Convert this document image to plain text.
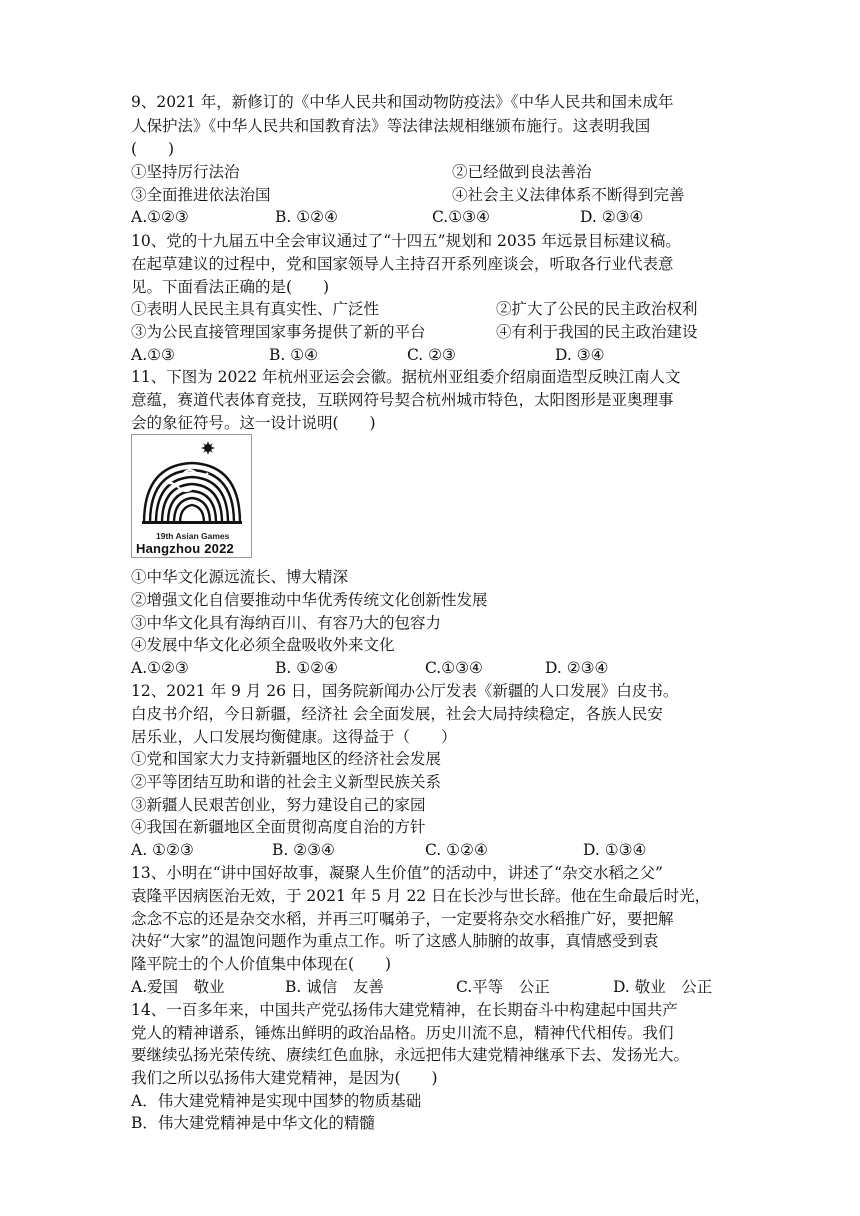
9、2021 年，新修订的《中华人民共和国动物防疫法》《中华人民共和国未成年
人保护法》《中华人民共和国教育法》等法律法规相继颁布施行。这表明我国
(　　)
①坚持厉行法治	②已经做到良法善治
③全面推进依法治国	④社会主义法律体系不断得到完善
A.①②③	B. ①②④	C.①③④	D. ②③④
10、党的十九届五中全会审议通过了“十四五”规划和 2035 年远景目标建议稿。
在起草建议的过程中，党和国家领导人主持召开系列座谈会，听取各行业代表意
见。下面看法正确的是(　　)
①表明人民民主具有真实性、广泛性	②扩大了公民的民主政治权利
③为公民直接管理国家事务提供了新的平台	④有利于我国的民主政治建设
A.①③	B. ①④	C. ②③	D. ③④
11、下图为 2022 年杭州亚运会会徽。据杭州亚组委介绍扇面造型反映江南人文
意蕴，赛道代表体育竞技，互联网符号契合杭州城市特色，太阳图形是亚奥理事
会的象征符号。这一设计说明(　　)
19th Asian Games
Hangzhou 2022
①中华文化源远流长、博大精深
②增强文化自信要推动中华优秀传统文化创新性发展
③中华文化具有海纳百川、有容乃大的包容力
④发展中华文化必须全盘吸收外来文化
A.①②③	B. ①②④	C.①③④	D. ②③④
12、2021 年 9 月 26 日，国务院新闻办公厅发表《新疆的人口发展》白皮书。
白皮书介绍，今日新疆，经济社 会全面发展，社会大局持续稳定，各族人民安
居乐业，人口发展均衡健康。这得益于（　　）
①党和国家大力支持新疆地区的经济社会发展
②平等团结互助和谐的社会主义新型民族关系
③新疆人民艰苦创业，努力建设自己的家园
④我国在新疆地区全面贯彻高度自治的方针
A. ①②③	B. ②③④	C. ①②④	D. ①③④
13、小明在“讲中国好故事，凝聚人生价值”的活动中，讲述了“杂交水稻之父”
袁隆平因病医治无效，于 2021 年 5 月 22 日在长沙与世长辞。他在生命最后时光，
念念不忘的还是杂交水稻，并再三叮嘱弟子，一定要将杂交水稻推广好，要把解
决好“大家”的温饱问题作为重点工作。听了这感人肺腑的故事，真情感受到袁
隆平院士的个人价值集中体现在(　　)
A.爱国　敬业	B. 诚信　友善	C.平等　公正	D. 敬业　公正
14、一百多年来，中国共产党弘扬伟大建党精神，在长期奋斗中构建起中国共产
党人的精神谱系，锤炼出鲜明的政治品格。历史川流不息，精神代代相传。我们
要继续弘扬光荣传统、赓续红色血脉，永远把伟大建党精神继承下去、发扬光大。
我们之所以弘扬伟大建党精神，是因为(　　)
A．伟大建党精神是实现中国梦的物质基础
B．伟大建党精神是中华文化的精髓
